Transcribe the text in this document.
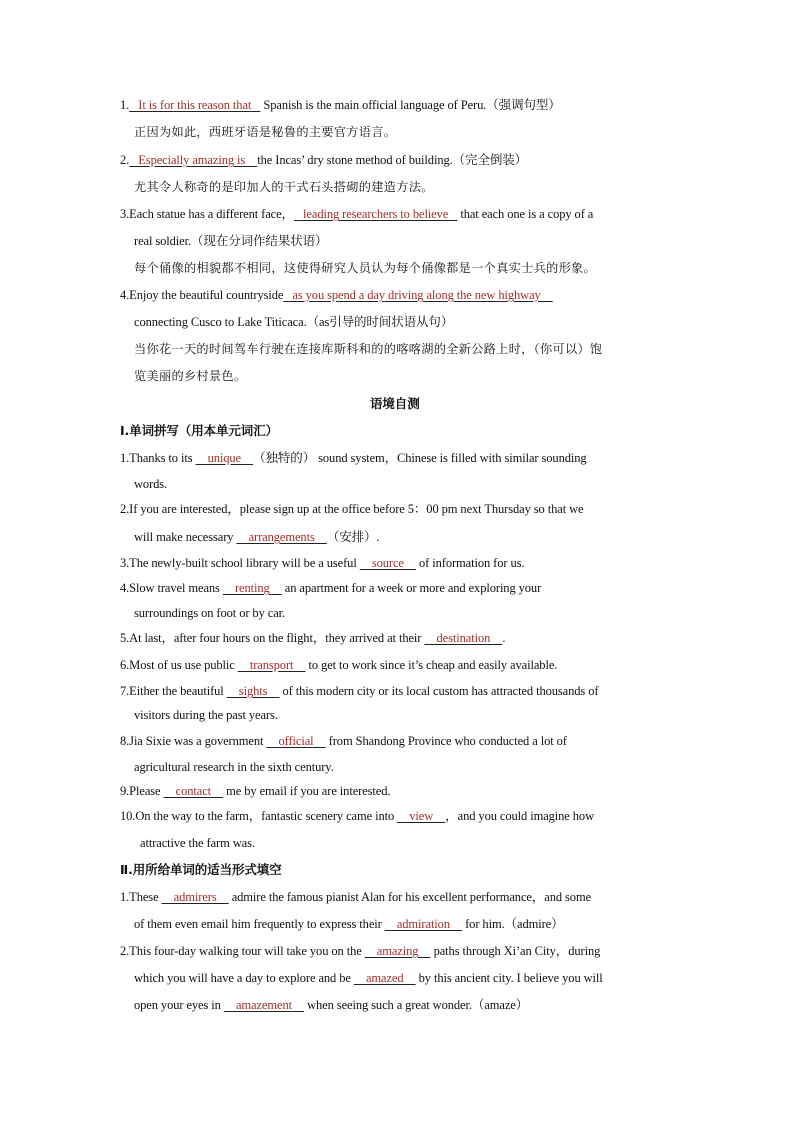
1.   It is for this reason that    Spanish is the main official language of Peru.（强调句型）
正因为如此，西班牙语是秘鲁的主要官方语言。
2.   Especially amazing is    the Incas’ dry stone method of building.（完全倒装）
尤其令人称奇的是印加人的干式石头搭砌的建造方法。
3.Each statue has a different face，   leading researchers to believe    that each one is a copy of a
real soldier.（现在分词作结果状语）
每个俑像的相貌都不相同，这使得研究人员认为每个俑像都是一个真实士兵的形象。
4.Enjoy the beautiful countryside   as you spend a day driving along the new highway
connecting Cusco to Lake Titicaca.（as引导的时间状语从句）
当你花一天的时间驾车行驶在连接库斯科和的的喀喀湖的全新公路上时，（你可以）饱
览美丽的乡村景色。
语境自测
Ⅰ.单词拼写（用本单元词汇）
1.Thanks to its     unique    （独特的） sound system，Chinese is filled with similar sounding
words.
2.If you are interested，please sign up at the office before 5：00 pm next Thursday so that we
will make necessary     arrangements    （安排）.
3.The newly-built school library will be a useful     source     of information for us.
4.Slow travel means     renting     an apartment for a week or more and exploring your
surroundings on foot or by car.
5.At last，after four hours on the flight，they arrived at their     destination    .
6.Most of us use public     transport     to get to work since it’s cheap and easily available.
7.Either the beautiful     sights     of this modern city or its local custom has attracted thousands of
visitors during the past years.
8.Jia Sixie was a government     official     from Shandong Province who conducted a lot of
agricultural research in the sixth century.
9.Please     contact     me by email if you are interested.
10.On the way to the farm，fantastic scenery came into     view    ，and you could imagine how
attractive the farm was.
Ⅱ.用所给单词的适当形式填空
1.These     admirers     admire the famous pianist Alan for his excellent performance，and some
of them even email him frequently to express their     admiration     for him.（admire）
2.This four-day walking tour will take you on the     amazing     paths through Xi’an City，during
which you will have a day to explore and be     amazed     by this ancient city. I believe you will
open your eyes in     amazement     when seeing such a great wonder.（amaze）
